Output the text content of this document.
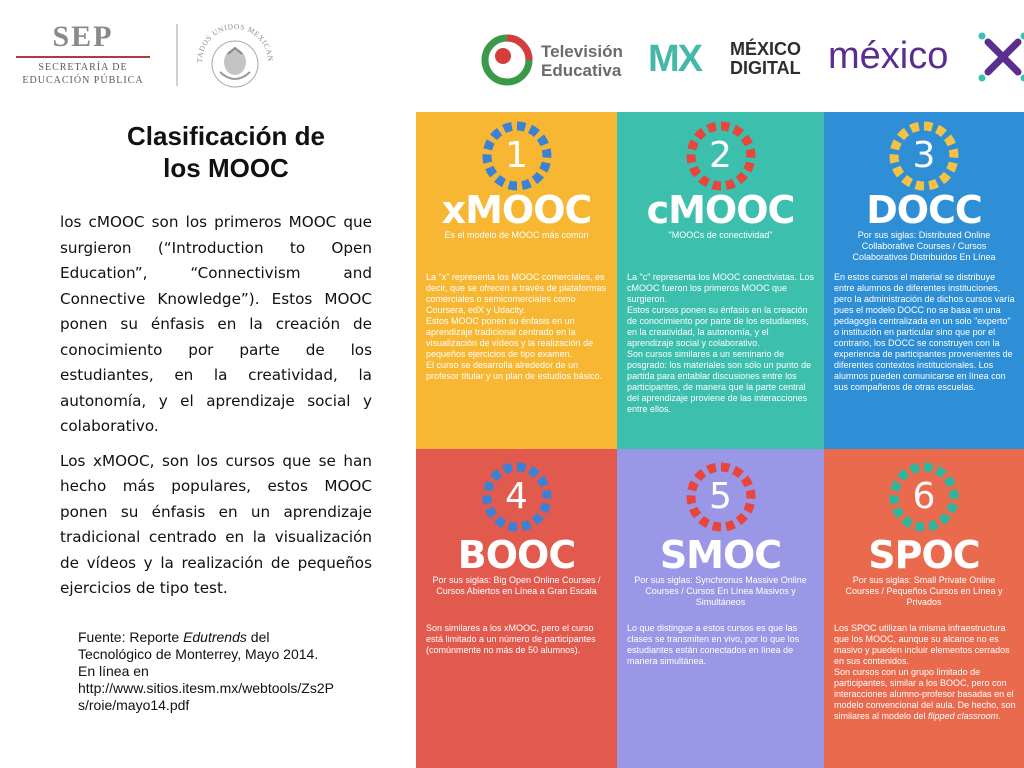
SEP
SECRETARÍA DE
EDUCACIÓN PÚBLICA
TADOS UNIDOS MEXICAN	Televisión
Educativa MX MÉXICO
DIGITAL méxico
Clasificación de
los MOOC

los cMOOC son los primeros MOOC que surgieron (“Introduction to Open Education”, “Connectivism and Connective Knowledge”). Estos MOOC ponen su énfasis en la creación de conocimiento por parte de los estudiantes, en la creatividad, la autonomía, y el aprendizaje social y colaborativo.

Los xMOOC, son los cursos que se han hecho más populares, estos MOOC ponen su énfasis en un aprendizaje tradicional centrado en la visualización de vídeos y la realización de pequeños ejercicios de tipo test.

Fuente: Reporte Edutrends del
Tecnológico de Monterrey, Mayo 2014.
En línea en
http://www.sitios.itesm.mx/webtools/Zs2P
s/roie/mayo14.pdf
1
xMOOC
Es el modelo de MOOC más común
La "x" representa los MOOC comerciales, es decir, que se ofrecen a través de plataformas comerciales o semicomerciales como Coursera, edX y Udacity.
Estos MOOC ponen su énfasis en un aprendizaje tradicional centrado en la visualización de vídeos y la realización de pequeños ejercicios de tipo examen.
El curso se desarrolla alrededor de un profesor titular y un plan de estudios básico.
2
cMOOC
"MOOCs de conectividad"
La "c" representa los MOOC conectivistas. Los cMOOC fueron los primeros MOOC que surgieron.
Estos cursos ponen su énfasis en la creación de conocimiento por parte de los estudiantes, en la creatividad, la autonomía, y el aprendizaje social y colaborativo.
Son cursos similares a un seminario de posgrado: los materiales son sólo un punto de partida para entablar discusiones entre los participantes, de manera que la parte central del aprendizaje proviene de las interacciones entre ellos.
3
DOCC
Por sus siglas: Distributed Online Collaborative Courses / Cursos Colaborativos Distribuidos En Línea
En estos cursos el material se distribuye entre alumnos de diferentes instituciones, pero la administración de dichos cursos varía pues el modelo DOCC no se basa en una pedagogía centralizada en un solo "experto" o institución en particular sino que por el contrario, los DOCC se construyen con la experiencia de participantes provenientes de diferentes contextos institucionales. Los alumnos pueden comunicarse en línea con sus compañeros de otras escuelas.
4
BOOC
Por sus siglas: Big Open Online Courses / Cursos Abiertos en Línea a Gran Escala
Son similares a los xMOOC, pero el curso está limitado a un número de participantes (comúnmente no más de 50 alumnos).
5
SMOC
Por sus siglas: Synchronus Massive Online Courses / Cursos En Línea Masivos y Simultáneos
Lo que distingue a estos cursos es que las clases se transmiten en vivo, por lo que los estudiantes están conectados en línea de manera simultánea.
6
SPOC
Por sus siglas: Small Private Online Courses / Pequeños Cursos en Línea y Privados
Los SPOC utilizan la misma infraestructura que los MOOC, aunque su alcance no es masivo y pueden incluir elementos cerrados en sus contenidos.
Son cursos con un grupo limitado de participantes, similar a los BOOC, pero con interacciones alumno-profesor basadas en el modelo convencional del aula. De hecho, son similares al modelo del flipped classroom.
